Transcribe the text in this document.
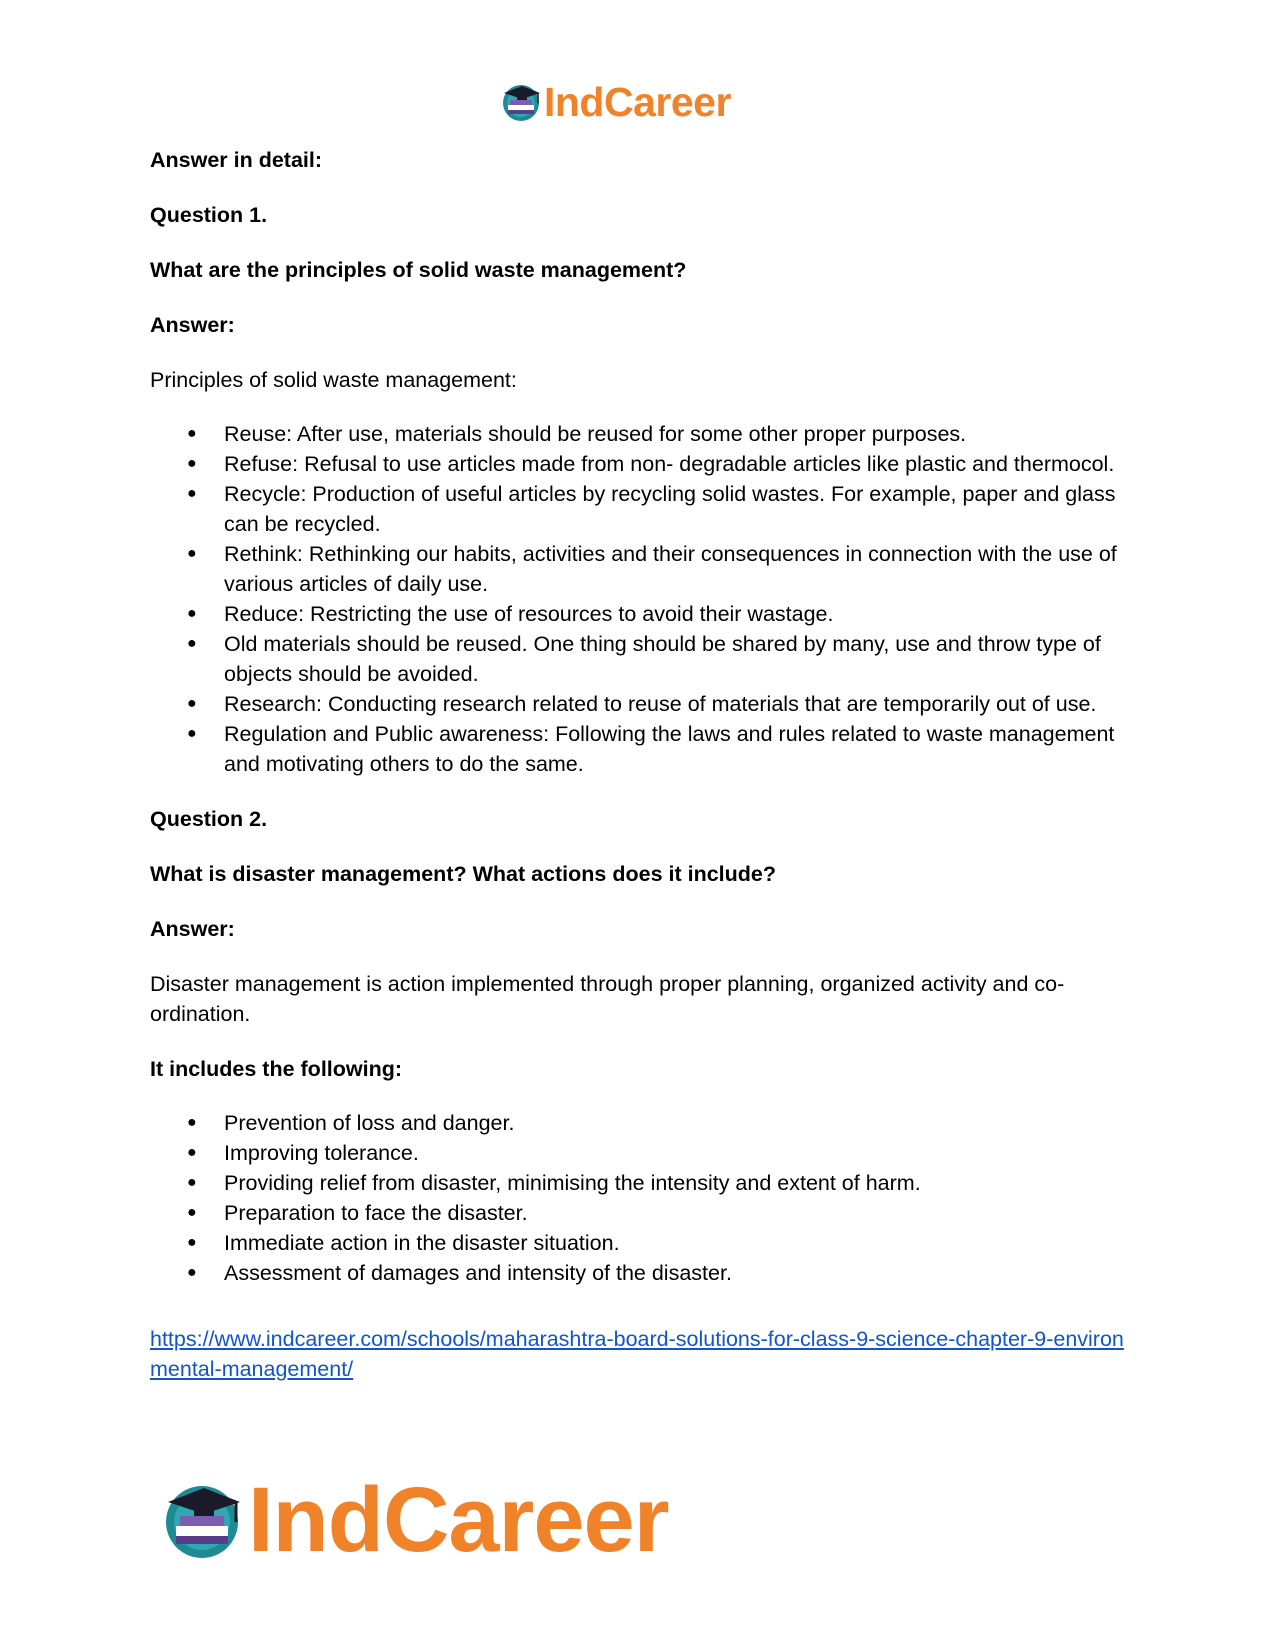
IndCareer

Answer in detail:

Question 1.

What are the principles of solid waste management?

Answer:

Principles of solid waste management:

● Reuse: After use, materials should be reused for some other proper purposes.
● Refuse: Refusal to use articles made from non- degradable articles like plastic and thermocol.
● Recycle: Production of useful articles by recycling solid wastes. For example, paper and glass can be recycled.
● Rethink: Rethinking our habits, activities and their consequences in connection with the use of various articles of daily use.
● Reduce: Restricting the use of resources to avoid their wastage.
● Old materials should be reused. One thing should be shared by many, use and throw type of objects should be avoided.
● Research: Conducting research related to reuse of materials that are temporarily out of use.
● Regulation and Public awareness: Following the laws and rules related to waste management and motivating others to do the same.

Question 2.

What is disaster management? What actions does it include?

Answer:

Disaster management is action implemented through proper planning, organized activity and co-ordination.

It includes the following:

● Prevention of loss and danger.
● Improving tolerance.
● Providing relief from disaster, minimising the intensity and extent of harm.
● Preparation to face the disaster.
● Immediate action in the disaster situation.
● Assessment of damages and intensity of the disaster.
https://www.indcareer.com/schools/maharashtra-board-solutions-for-class-9-science-chapter-9-environmental-management/
IndCareer
